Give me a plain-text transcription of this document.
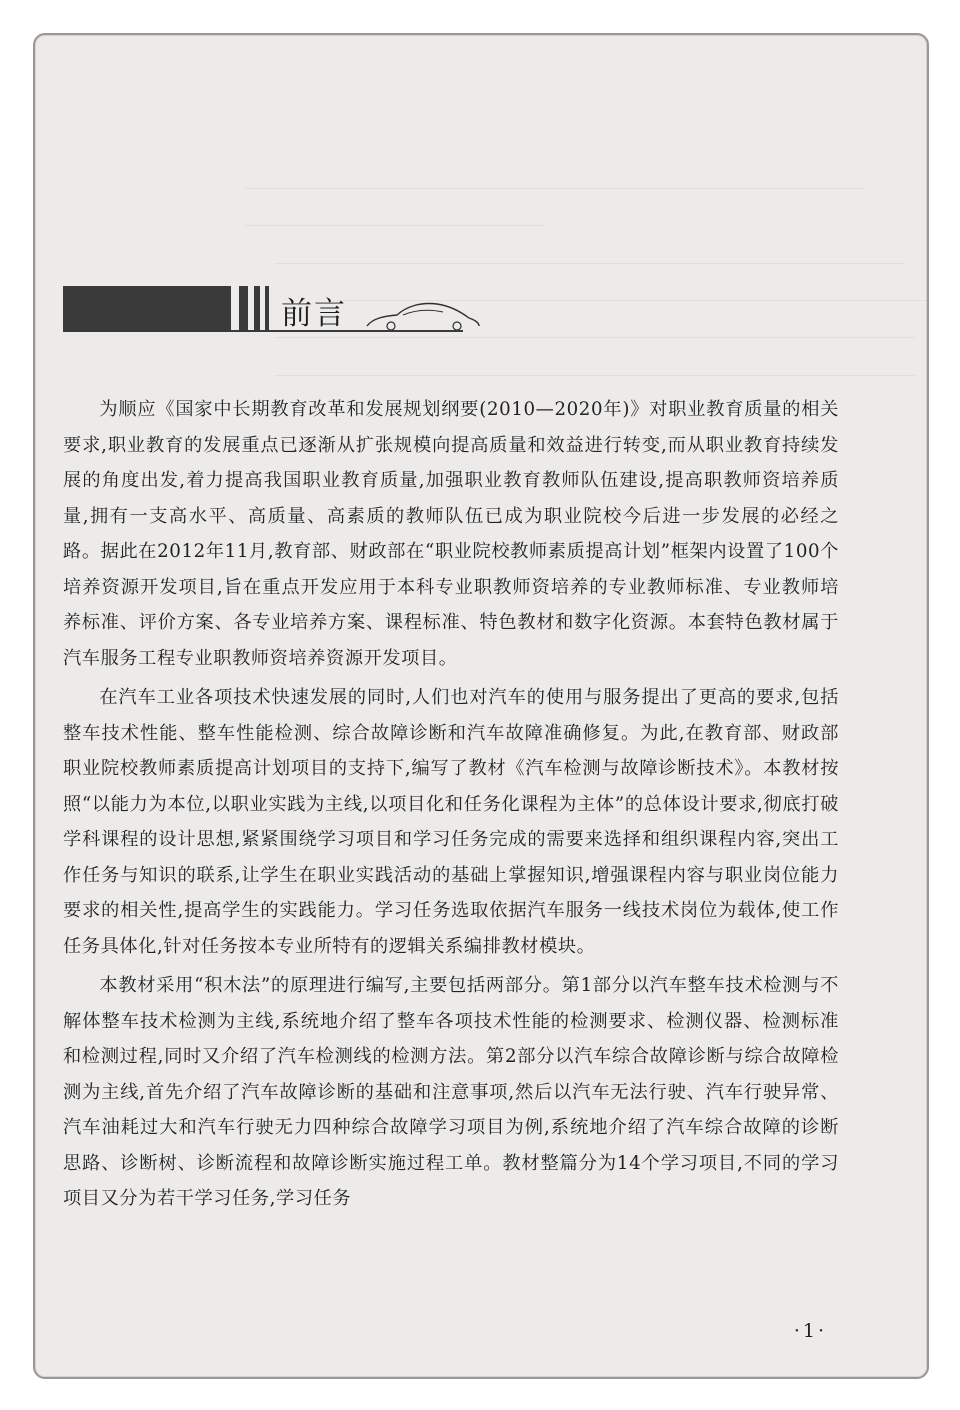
前言

为顺应《国家中长期教育改革和发展规划纲要(2010—2020年)》对职业教育质量的相关要求,职业教育的发展重点已逐渐从扩张规模向提高质量和效益进行转变,而从职业教育持续发展的角度出发,着力提高我国职业教育质量,加强职业教育教师队伍建设,提高职教师资培养质量,拥有一支高水平、高质量、高素质的教师队伍已成为职业院校今后进一步发展的必经之路。据此在2012年11月,教育部、财政部在“职业院校教师素质提高计划”框架内设置了100个培养资源开发项目,旨在重点开发应用于本科专业职教师资培养的专业教师标准、专业教师培养标准、评价方案、各专业培养方案、课程标准、特色教材和数字化资源。本套特色教材属于汽车服务工程专业职教师资培养资源开发项目。

在汽车工业各项技术快速发展的同时,人们也对汽车的使用与服务提出了更高的要求,包括整车技术性能、整车性能检测、综合故障诊断和汽车故障准确修复。为此,在教育部、财政部职业院校教师素质提高计划项目的支持下,编写了教材《汽车检测与故障诊断技术》。本教材按照“以能力为本位,以职业实践为主线,以项目化和任务化课程为主体”的总体设计要求,彻底打破学科课程的设计思想,紧紧围绕学习项目和学习任务完成的需要来选择和组织课程内容,突出工作任务与知识的联系,让学生在职业实践活动的基础上掌握知识,增强课程内容与职业岗位能力要求的相关性,提高学生的实践能力。学习任务选取依据汽车服务一线技术岗位为载体,使工作任务具体化,针对任务按本专业所特有的逻辑关系编排教材模块。

本教材采用“积木法”的原理进行编写,主要包括两部分。第1部分以汽车整车技术检测与不解体整车技术检测为主线,系统地介绍了整车各项技术性能的检测要求、检测仪器、检测标准和检测过程,同时又介绍了汽车检测线的检测方法。第2部分以汽车综合故障诊断与综合故障检测为主线,首先介绍了汽车故障诊断的基础和注意事项,然后以汽车无法行驶、汽车行驶异常、汽车油耗过大和汽车行驶无力四种综合故障学习项目为例,系统地介绍了汽车综合故障的诊断思路、诊断树、诊断流程和故障诊断实施过程工单。教材整篇分为14个学习项目,不同的学习项目又分为若干学习任务,学习任务

·1·
